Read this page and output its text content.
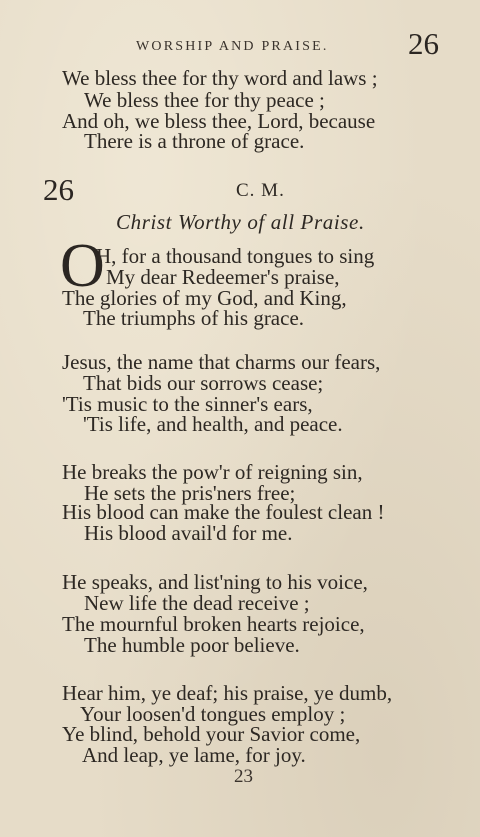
WORSHIP AND PRAISE.	26
We bless thee for thy word and laws ;
We bless thee for thy peace ;
And oh, we bless thee, Lord, because
There is a throne of grace.
26	C. M.
Christ Worthy of all Praise.
O
H, for a thousand tongues to sing
My dear Redeemer's praise,
The glories of my God, and King,
The triumphs of his grace.
Jesus, the name that charms our fears,
That bids our sorrows cease;
'Tis music to the sinner's ears,
'Tis life, and health, and peace.
He breaks the pow'r of reigning sin,
He sets the pris'ners free;
His blood can make the foulest clean !
His blood avail'd for me.
He speaks, and list'ning to his voice,
New life the dead receive ;
The mournful broken hearts rejoice,
The humble poor believe.
Hear him, ye deaf; his praise, ye dumb,
Your loosen'd tongues employ ;
Ye blind, behold your Savior come,
And leap, ye lame, for joy.
23
